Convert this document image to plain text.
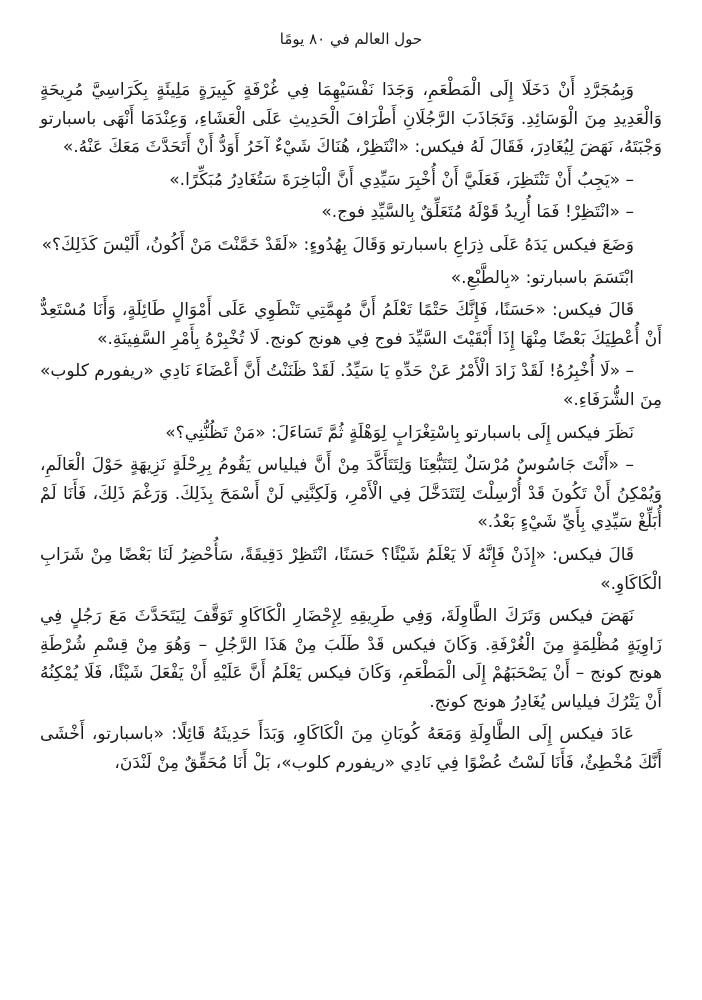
حول العالم في ٨٠ يومًا

وَبِمُجَرَّدِ أَنْ دَخَلَا إِلَى الْمَطْعَمِ، وَجَدَا نَفْسَيْهِمَا فِي غُرْفَةٍ كَبِيرَةٍ مَلِيئَةٍ بِكَرَاسِيَّ مُرِيحَةٍ وَالْعَدِيدِ مِنَ الْوَسَائِدِ. وَتَجَاذَبَ الرَّجُلَانِ أَطْرَافَ الْحَدِيثِ عَلَى الْعَشَاءِ، وَعِنْدَمَا أَنْهَى باسبارتو وَجْبَتَهُ، نَهَضَ لِيُغَادِرَ، فَقَالَ لَهُ فيكس: «انْتَظِرْ، هُنَاكَ شَيْءٌ آخَرُ أَوَدُّ أَنْ أَتَحَدَّثَ مَعَكَ عَنْهُ.»

– «يَجِبُ أَنْ تَنْتَظِرَ، فَعَلَيَّ أَنْ أُخْبِرَ سَيِّدِي أَنَّ الْبَاخِرَةَ سَتُغَادِرُ مُبَكِّرًا.»

– «انْتَظِرْ! فَمَا أُرِيدُ قَوْلَهُ مُتَعَلِّقٌ بِالسَّيِّدِ فوج.»

وَضَعَ فيكس يَدَهُ عَلَى ذِرَاعِ باسبارتو وَقَالَ بِهُدُوءٍ: «لَقَدْ خَمَّنْتَ مَنْ أَكُونُ، أَلَيْسَ كَذَلِكَ؟»

ابْتَسَمَ باسبارتو: «بِالطَّبْعِ.»

قَالَ فيكس: «حَسَنًا، فَإِنَّكَ حَتْمًا تَعْلَمُ أَنَّ مُهِمَّتِي تَنْطَوِي عَلَى أَمْوَالٍ طَائِلَةٍ، وَأَنَا مُسْتَعِدٌّ أَنْ أُعْطِيَكَ بَعْضًا مِنْهَا إِذَا أَبْقَيْتَ السَّيِّدَ فوج فِي هونج كونج. لَا تُخْبِرْهُ بِأَمْرِ السَّفِينَةِ.»

– «لَا أُخْبِرُهُ! لَقَدْ زَادَ الْأَمْرُ عَنْ حَدِّهِ يَا سَيِّدُ. لَقَدْ ظَنَنْتُ أَنَّ أَعْضَاءَ نَادِي «ريفورم كلوب» مِنَ الشُّرَفَاءِ.»

نَظَرَ فيكس إِلَى باسبارتو بِاسْتِغْرَابٍ لِوَهْلَةٍ ثُمَّ تَسَاءَلَ: «مَنْ تَظُنُّنِي؟»

– «أَنْتَ جَاسُوسٌ مُرْسَلٌ لِتَتَبُّعِنَا وَلِتَتَأَكَّدَ مِنْ أَنَّ فيلياس يَقُومُ بِرِحْلَةٍ نَزِيهَةٍ حَوْلَ الْعَالَمِ، وَيُمْكِنُ أَنْ تَكُونَ قَدْ أُرْسِلْتَ لِتَتَدَخَّلَ فِي الْأَمْرِ، وَلَكِنَّنِي لَنْ أَسْمَحَ بِذَلِكَ. وَرَغْمَ ذَلِكَ، فَأَنَا لَمْ أُبَلِّغْ سَيِّدِي بِأَيِّ شَيْءٍ بَعْدُ.»

قَالَ فيكس: «إِذَنْ فَإِنَّهُ لَا يَعْلَمُ شَيْئًا؟ حَسَنًا، انْتَظِرْ دَقِيقَةً، سَأُحْضِرُ لَنَا بَعْضًا مِنْ شَرَابِ الْكَاكَاوِ.»

نَهَضَ فيكس وَتَرَكَ الطَّاوِلَةَ، وَفِي طَرِيقِهِ لِإِحْضَارِ الْكَاكَاوِ تَوَقَّفَ لِيَتَحَدَّثَ مَعَ رَجُلٍ فِي زَاوِيَةٍ مُظْلِمَةٍ مِنَ الْغُرْفَةِ. وَكَانَ فيكس قَدْ طَلَبَ مِنْ هَذَا الرَّجُلِ – وَهُوَ مِنْ قِسْمِ شُرْطَةِ هونج كونج – أَنْ يَصْحَبَهُمْ إِلَى الْمَطْعَمِ، وَكَانَ فيكس يَعْلَمُ أَنَّ عَلَيْهِ أَنْ يَفْعَلَ شَيْئًا، فَلَا يُمْكِنُهُ أَنْ يَتْرُكَ فيلياس يُغَادِرُ هونج كونج.

عَادَ فيكس إِلَى الطَّاوِلَةِ وَمَعَهُ كُوبَانِ مِنَ الْكَاكَاوِ، وَبَدَأَ حَدِيثَهُ قَائِلًا: «باسبارتو، أَخْشَى أَنَّكَ مُخْطِئٌ، فَأَنَا لَسْتُ عُضْوًا فِي نَادِي «ريفورم كلوب»، بَلْ أَنَا مُحَقِّقٌ مِنْ لَنْدَنَ،
